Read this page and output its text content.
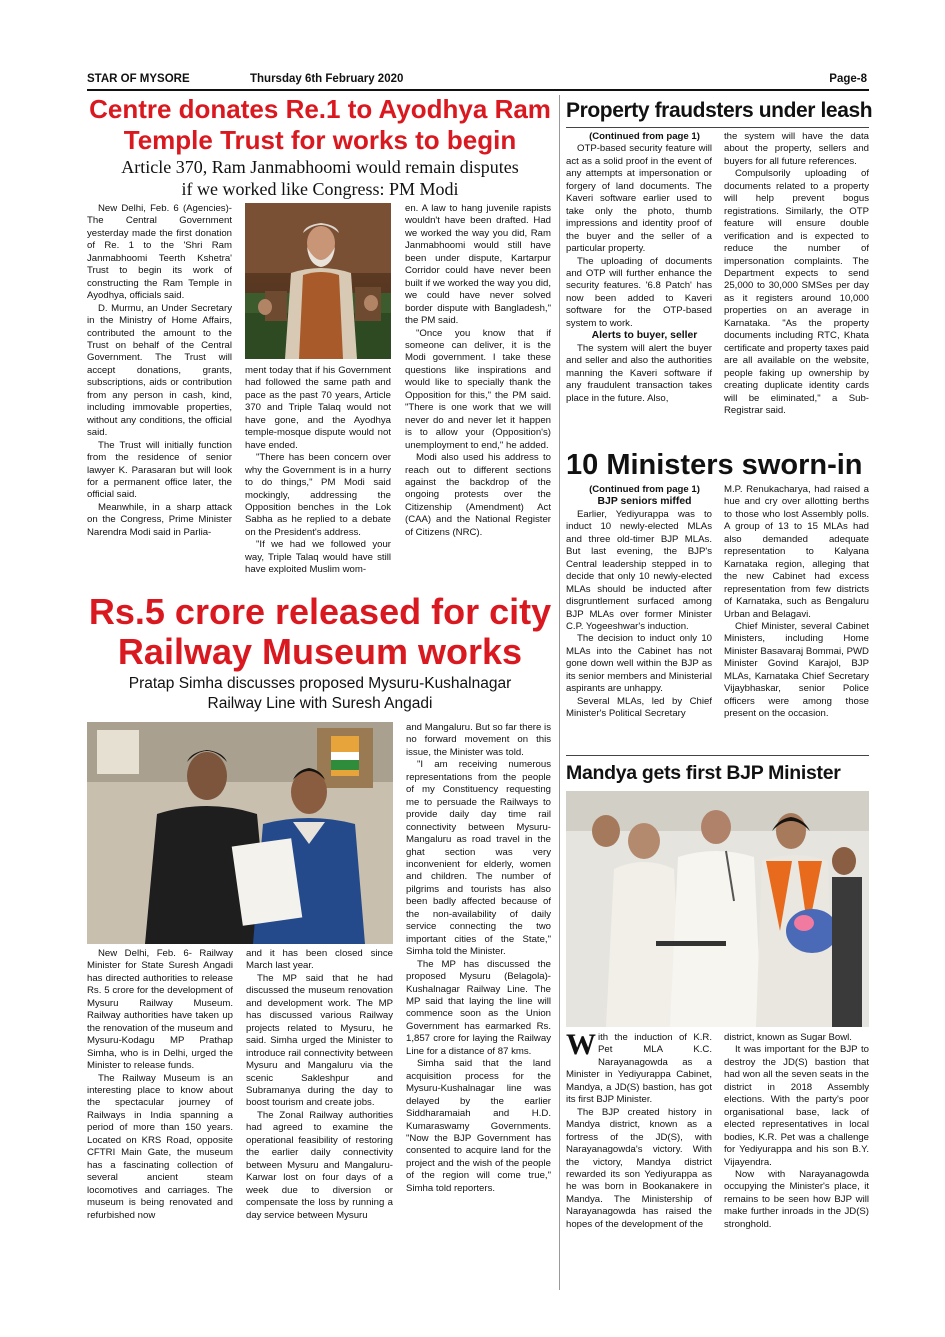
STAR OF MYSORE	Thursday 6th February 2020	Page-8
Centre donates Re.1 to Ayodhya Ram
Temple Trust for works to begin
Article 370, Ram Janmabhoomi would remain disputes
if we worked like Congress: PM Modi

New Delhi, Feb. 6 (Agencies)- The Central Government yesterday made the first donation of Re. 1 to the 'Shri Ram Janmabhoomi Teerth Kshetra' Trust to begin its work of constructing the Ram Temple in Ayodhya, officials said.

D. Murmu, an Under Secretary in the Ministry of Home Affairs, contributed the amount to the Trust on behalf of the Central Government. The Trust will accept donations, grants, subscriptions, aids or contribution from any person in cash, kind, including immovable properties, without any conditions, the official said.

The Trust will initially function from the residence of senior lawyer K. Parasaran but will look for a permanent office later, the official said.

Meanwhile, in a sharp attack on the Congress, Prime Minister Narendra Modi said in Parlia-

ment today that if his Government had followed the same path and pace as the past 70 years, Article 370 and Triple Talaq would not have gone, and the Ayodhya temple-mosque dispute would not have ended.

"There has been concern over why the Government is in a hurry to do things," PM Modi said mockingly, addressing the Opposition benches in the Lok Sabha as he replied to a debate on the President's address.

"If we had we followed your way, Triple Talaq would have still have exploited Muslim wom-

en. A law to hang juvenile rapists wouldn't have been drafted. Had we worked the way you did, Ram Janmabhoomi would still have been under dispute, Kartarpur Corridor could have never been built if we worked the way you did, we could have never solved border dispute with Bangladesh," the PM said.

"Once you know that if someone can deliver, it is the Modi government. I take these questions like inspirations and would like to specially thank the Opposition for this," the PM said. "There is one work that we will never do and never let it happen is to allow your (Opposition's) unemployment to end," he added.

Modi also used his address to reach out to different sections against the backdrop of the ongoing protests over the Citizenship (Amendment) Act (CAA) and the National Register of Citizens (NRC).

Property fraudsters under leash

(Continued from page 1)

OTP-based security feature will act as a solid proof in the event of any attempts at impersonation or forgery of land documents. The Kaveri software earlier used to take only the photo, thumb impressions and identity proof of the buyer and the seller of a particular property.

The uploading of documents and OTP will further enhance the security features. '6.8 Patch' has now been added to Kaveri software for the OTP-based system to work.

Alerts to buyer, seller

The system will alert the buyer and seller and also the authorities manning the Kaveri software if any fraudulent transaction takes place in the future. Also,

the system will have the data about the property, sellers and buyers for all future references.

Compulsorily uploading of documents related to a property will help prevent bogus registrations. Similarly, the OTP feature will ensure double verification and is expected to reduce the number of impersonation complaints. The Department expects to send 25,000 to 30,000 SMSes per day as it registers around 10,000 properties on an average in Karnataka. "As the property documents including RTC, Khata certificate and property taxes paid are all available on the website, people faking up ownership by creating duplicate identity cards will be eliminated," a Sub-Registrar said.

10 Ministers sworn-in

(Continued from page 1)

BJP seniors miffed

Earlier, Yediyurappa was to induct 10 newly-elected MLAs and three old-timer BJP MLAs. But last evening, the BJP's Central leadership stepped in to decide that only 10 newly-elected MLAs should be inducted after disgruntlement surfaced among BJP MLAs over former Minister C.P. Yogeeshwar's induction.

The decision to induct only 10 MLAs into the Cabinet has not gone down well within the BJP as its senior members and Ministerial aspirants are unhappy.

Several MLAs, led by Chief Minister's Political Secretary

M.P. Renukacharya, had raised a hue and cry over allotting berths to those who lost Assembly polls. A group of 13 to 15 MLAs had also demanded adequate representation to Kalyana Karnataka region, alleging that the new Cabinet had excess representation from few districts of Karnataka, such as Bengaluru Urban and Belagavi.

Chief Minister, several Cabinet Ministers, including Home Minister Basavaraj Bommai, PWD Minister Govind Karajol, BJP MLAs, Karnataka Chief Secretary Vijaybhaskar, senior Police officers were among those present on the occasion.

Rs.5 crore released for city
Railway Museum works
Pratap Simha discusses proposed Mysuru-Kushalnagar
Railway Line with Suresh Angadi

New Delhi, Feb. 6- Railway Minister for State Suresh Angadi has directed authorities to release Rs. 5 crore for the development of Mysuru Railway Museum. Railway authorities have taken up the renovation of the museum and Mysuru-Kodagu MP Prathap Simha, who is in Delhi, urged the Minister to release funds.

The Railway Museum is an interesting place to know about the spectacular journey of Railways in India spanning a period of more than 150 years. Located on KRS Road, opposite CFTRI Main Gate, the museum has a fascinating collection of several ancient steam locomotives and carriages. The museum is being renovated and refurbished now

and it has been closed since March last year.

The MP said that he had discussed the museum renovation and development work. The MP has discussed various Railway projects related to Mysuru, he said. Simha urged the Minister to introduce rail connectivity between Mysuru and Mangaluru via the scenic Sakleshpur and Subramanya during the day to boost tourism and create jobs.

The Zonal Railway authorities had agreed to examine the operational feasibility of restoring the earlier daily connectivity between Mysuru and Mangaluru-Karwar lost on four days of a week due to diversion or compensate the loss by running a day service between Mysuru

and Mangaluru. But so far there is no forward movement on this issue, the Minister was told.

"I am receiving numerous representations from the people of my Constituency requesting me to persuade the Railways to provide daily day time rail connectivity between Mysuru-Mangaluru as road travel in the ghat section was very inconvenient for elderly, women and children. The number of pilgrims and tourists has also been badly affected because of the non-availability of daily service connecting the two important cities of the State," Simha told the Minister.

The MP has discussed the proposed Mysuru (Belagola)-Kushalnagar Railway Line. The MP said that laying the line will commence soon as the Union Government has earmarked Rs. 1,857 crore for laying the Railway Line for a distance of 87 kms.

Simha said that the land acquisition process for the Mysuru-Kushalnagar line was delayed by the earlier Siddharamaiah and H.D. Kumaraswamy Governments. "Now the BJP Government has consented to acquire land for the project and the wish of the people of the region will come true," Simha told reporters.

Mandya gets first BJP Minister

With the induction of K.R. Pet MLA K.C. Narayanagowda as a Minister in Yediyurappa Cabinet, Mandya, a JD(S) bastion, has got its first BJP Minister.

The BJP created history in Mandya district, known as a fortress of the JD(S), with Narayanagowda's victory. With the victory, Mandya district rewarded its son Yediyurappa as he was born in Bookanakere in Mandya. The Ministership of Narayanagowda has raised the hopes of the development of the

district, known as Sugar Bowl.

It was important for the BJP to destroy the JD(S) bastion that had won all the seven seats in the district in 2018 Assembly elections. With the party's poor organisational base, lack of elected representatives in local bodies, K.R. Pet was a challenge for Yediyurappa and his son B.Y. Vijayendra.

Now with Narayanagowda occupying the Minister's place, it remains to be seen how BJP will make further inroads in the JD(S) stronghold.
